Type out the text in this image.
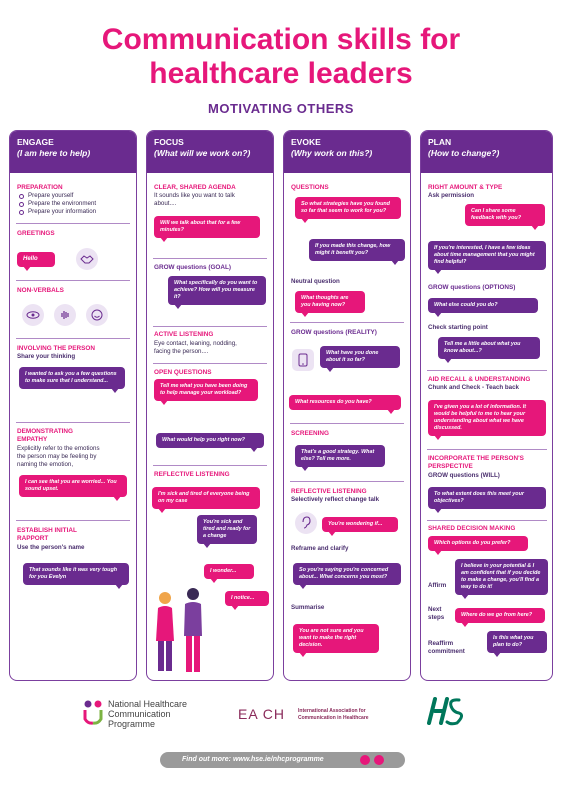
Communication skills for
healthcare leaders
MOTIVATING OTHERS
ENGAGE
(I am here to help)
PREPARATION
Prepare yourself
Prepare the environment
Prepare your information
GREETINGS
Hello
NON-VERBALS
INVOLVING THE PERSON
Share your thinking
I wanted to ask you a few questions to make sure that I understand...
DEMONSTRATING
EMPATHY
Explicitly refer to the emotions
the person may be feeling by
naming the emotion,
I can see that you are worried... You sound upset.
ESTABLISH INITIAL
RAPPORT
Use the person's name
That sounds like it was very tough for you Evelyn
FOCUS
(What will we work on?)
CLEAR, SHARED AGENDA
It sounds like you want to talk
about....
Will we talk about that for a few minutes?
GROW questions (GOAL)
What specifically do you want to achieve? How will you measure it?
ACTIVE LISTENING
Eye contact, leaning, nodding,
facing the person....
OPEN QUESTIONS
Tell me what you have been doing to help manage your workload?
What would help you right now?
REFLECTIVE LISTENING
I'm sick and tired of everyone being on my case
You're sick and tired and ready for a change
I wonder...
I notice...
EVOKE
(Why work on this?)
QUESTIONS
So what strategies have you found so far that seem to work for you?
If you made this change, how might it benefit you?
Neutral question
What thoughts are you having now?
GROW questions (REALITY)
What have you done about it so far?
What resources do you have?
SCREENING
That's a good strategy. What else? Tell me more.
REFLECTIVE LISTENING
Selectively reflect change talk
You're wondering if...
Reframe and clarify
So you're saying you're concerned about... What concerns you most?
Summarise
You are not sure and you want to make the right decision.
PLAN
(How to change?)
RIGHT AMOUNT & TYPE
Ask permission
Can I share some feedback with you?
If you're interested, I have a few ideas about time management that you might find helpful?
GROW questions (OPTIONS)
What else could you do?
Check starting point
Tell me a little about what you know about...?
AID RECALL & UNDERSTANDING
Chunk and Check - Teach back
I've given you a lot of information. It would be helpful to me to hear your understanding about what we have discussed.
INCORPORATE THE PERSON'S
PERSPECTIVE
GROW questions (WILL)
To what extent does this meet your objectives?
SHARED DECISION MAKING
Which options do you prefer?
Affirm
I believe in your potential & I am confident that if you decide to make a change, you'll find a way to do it!
Next
steps	Where do we go from here?
Reaffirm
commitment
Is this what you plan to do?
National Healthcare
Communication
Programme
EA CH	International Association for
Communication in Healthcare
Find out more: www.hse.ie/nhcprogramme
